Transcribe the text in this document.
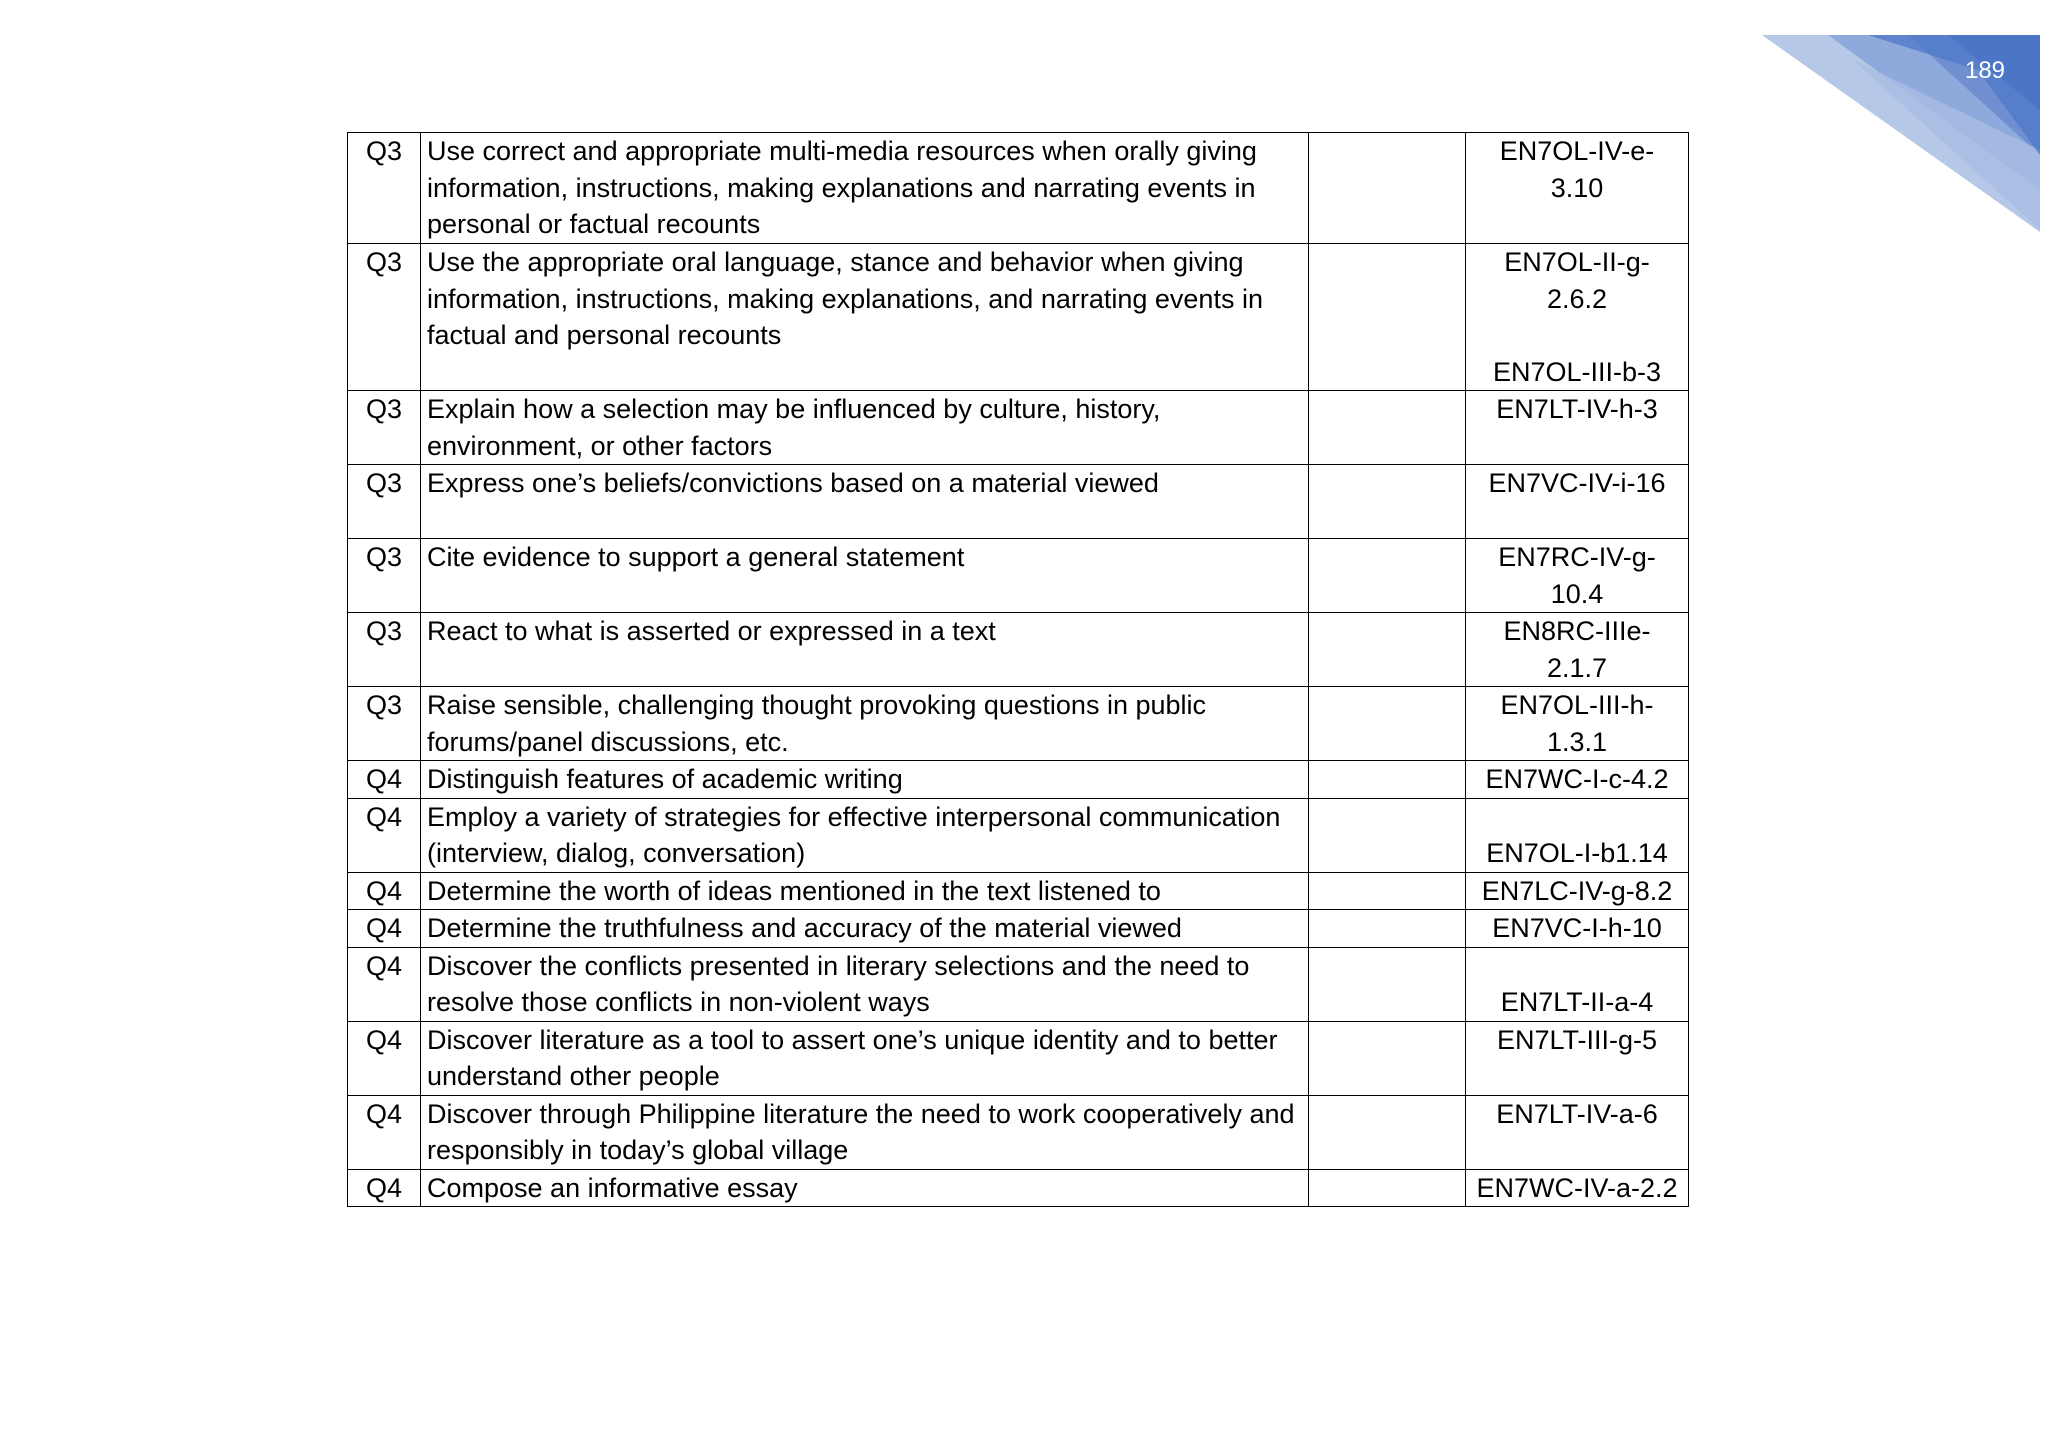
189
Q3	Use correct and appropriate multi-media resources when orally giving information, instructions, making explanations and narrating events in personal or factual recounts		EN7OL-IV-e-
3.10
Q3	Use the appropriate oral language, stance and behavior when giving information, instructions, making explanations, and narrating events in factual and personal recounts		EN7OL-II-g-
2.6.2

EN7OL-III-b-3
Q3	Explain how a selection may be influenced by culture, history, environment, or other factors		EN7LT-IV-h-3
Q3	Express one’s beliefs/convictions based on a material viewed		EN7VC-IV-i-16
Q3	Cite evidence to support a general statement		EN7RC-IV-g-
10.4
Q3	React to what is asserted or expressed in a text		EN8RC-IIIe-
2.1.7
Q3	Raise sensible, challenging thought provoking questions in public forums/panel discussions, etc.		EN7OL-III-h-
1.3.1
Q4	Distinguish features of academic writing		EN7WC-I-c-4.2
Q4	Employ a variety of strategies for effective interpersonal communication (interview, dialog, conversation)		EN7OL-I-b1.14
Q4	Determine the worth of ideas mentioned in the text listened to		EN7LC-IV-g-8.2
Q4	Determine the truthfulness and accuracy of the material viewed		EN7VC-I-h-10
Q4	Discover the conflicts presented in literary selections and the need to resolve those conflicts in non-violent ways		EN7LT-II-a-4
Q4	Discover literature as a tool to assert one’s unique identity and to better understand other people		EN7LT-III-g-5
Q4	Discover through Philippine literature the need to work cooperatively and responsibly in today’s global village		EN7LT-IV-a-6
Q4	Compose an informative essay		EN7WC-IV-a-2.2
